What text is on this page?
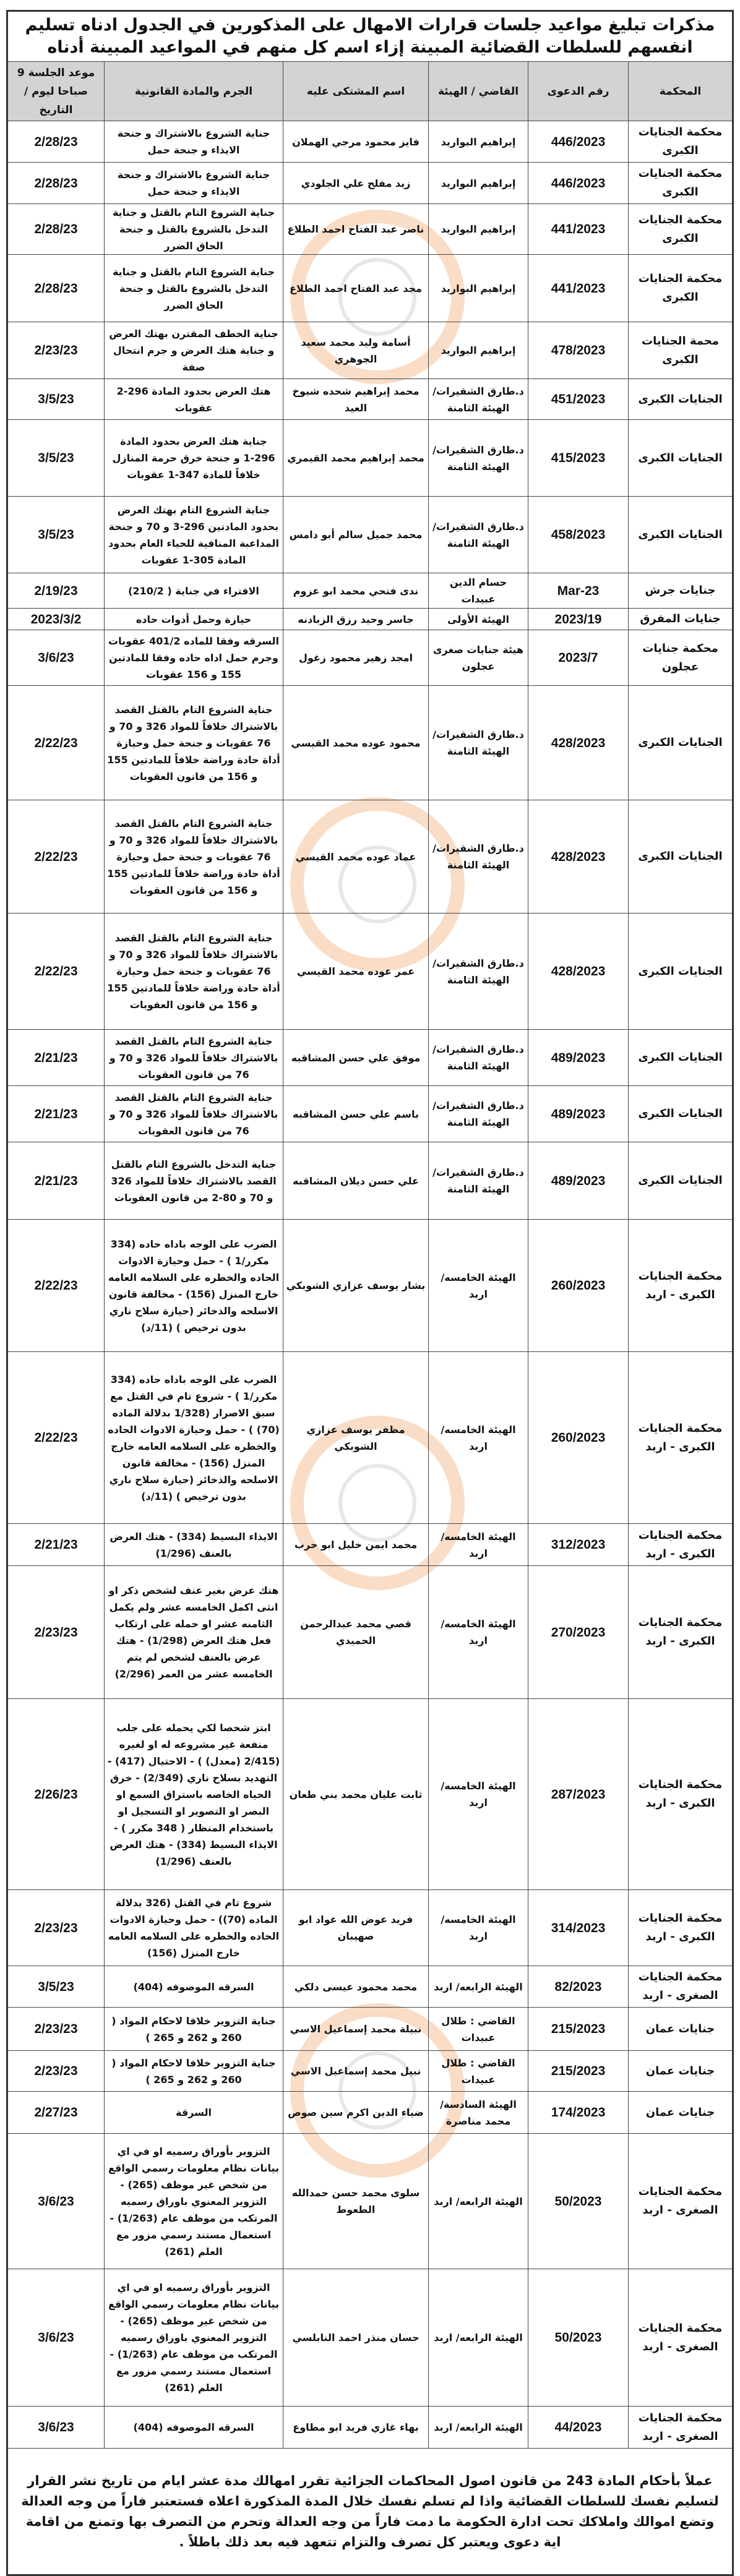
مذكرات تبليغ مواعيد جلسات قرارات الامهال على المذكورين في الجدول ادناه تسليم انفسهم للسلطات القضائية المبينة إزاء اسم كل منهم في المواعيد المبينة أدناه					
المحكمة	رقم الدعوى	القاضي / الهيئة	اسم المشتكى عليه	الجرم والمادة القانونية	موعد الجلسة 9 صباحا ليوم / التاريخ
محكمة الجنايات الكبرى	446/2023	إبراهيم البواريد	فايز محمود مرجي الهملان	جناية الشروع بالاشتراك و جنحة الايذاء و جنحة حمل	2/28/23
محكمة الجنايات الكبرى	446/2023	إبراهيم البواريد	زيد مفلح علي الجلودي	جناية الشروع بالاشتراك و جنحة الايذاء و جنحة حمل	2/28/23
محكمة الجنايات الكبرى	441/2023	إبراهيم البواريد	ناصر عبد الفتاح احمد الطلاع	جناية الشروع التام بالقتل و جناية التدخل بالشروع بالقتل و جنحة الحاق الضرر	2/28/23
محكمة الجنايات الكبرى	441/2023	إبراهيم البواريد	مجد عبد الفتاح احمد الطلاع	جناية الشروع التام بالقتل و جناية التدخل بالشروع بالقتل و جنحة الحاق الضرر	2/28/23
محمة الجنايات الكبرى	478/2023	إبراهيم البواريد	أسامة وليد محمد سعيد الجوهري	جناية الخطف المقترن بهتك العرض و جناية هتك العرض و جرم انتحال صفة	2/23/23
الجنايات الكبرى	451/2023	د.طارق الشقيرات/الهيئة الثامنة	محمد إبراهيم شحده شيوخ العيد	هتك العرض بحدود المادة 296-2 عقوبات	3/5/23
الجنايات الكبرى	415/2023	د.طارق الشقيرات/الهيئة الثامنة	محمد إبراهيم محمد القيمري	جناية هتك العرض بحدود المادة 296-1 و جنحة خرق حرمة المنازل خلافاً للمادة 347-1 عقوبات	3/5/23
الجنايات الكبرى	458/2023	د.طارق الشقيرات/الهيئة الثامنة	محمد جميل سالم أبو دامس	جناية الشروع التام بهتك العرض بحدود المادتين 296-3 و 70 و جنحة المداعبة المنافية للحياء العام بحدود المادة 305-1 عقوبات	3/5/23
جنايات جرش	Mar-23	حسام الدين عبيدات	ندى فتحي محمد ابو عزوم	الافتراء في جناية ( 210/2)	2/19/23
جنايات المفرق	2023/19	الهيئة الأولى	جاسر وحيد رزق الزبادنه	حيازة وحمل أدوات حاده	2023/3/2
محكمة جنايات عجلون	2023/7	هيئة جنايات صغرى عجلون	امجد زهير محمود زغول	السرقه وفقا للماده 401/2 عقوبات وجرم حمل اداه حاده وفقا للمادتين 155 و 156 عقوبات	3/6/23
الجنايات الكبرى	428/2023	د.طارق الشقيرات/الهيئة الثامنة	محمود عوده محمد القيسي	جناية الشروع التام بالقتل القصد بالاشتراك خلافاً للمواد 326 و 70 و 76 عقوبات و جنحة حمل وحيازة أداة حادة وراضة خلافاً للمادتين 155 و 156 من قانون العقوبات	2/22/23
الجنايات الكبرى	428/2023	د.طارق الشقيرات/الهيئة الثامنة	عماد عوده محمد القيسي	جناية الشروع التام بالقتل القصد بالاشتراك خلافاً للمواد 326 و 70 و 76 عقوبات و جنحة حمل وحيازة أداة حادة وراضة خلافاً للمادتين 155 و 156 من قانون العقوبات	2/22/23
الجنايات الكبرى	428/2023	د.طارق الشقيرات/الهيئة الثامنة	عمر عوده محمد القيسي	جناية الشروع التام بالقتل القصد بالاشتراك خلافاً للمواد 326 و 70 و 76 عقوبات و جنحة حمل وحيازة أداة حادة وراضة خلافاً للمادتين 155 و 156 من قانون العقوبات	2/22/23
الجنايات الكبرى	489/2023	د.طارق الشقيرات/الهيئة الثامنة	موفق علي حسن المشاقبه	جناية الشروع التام بالقتل القصد بالاشتراك خلافاً للمواد 326 و 70 و 76 من قانون العقوبات	2/21/23
الجنايات الكبرى	489/2023	د.طارق الشقيرات/الهيئة الثامنة	باسم علي حسن المشاقبه	جناية الشروع التام بالقتل القصد بالاشتراك خلافاً للمواد 326 و 70 و 76 من قانون العقوبات	2/21/23
الجنايات الكبرى	489/2023	د.طارق الشقيرات/الهيئة الثامنة	علي حسن ديلان المشاقبه	جناية التدخل بالشروع التام بالقتل القصد بالاشتراك خلافاً للمواد 326 و 70 و 80-2 من قانون العقوبات	2/21/23
محكمة الجنايات الكبرى - اربد	260/2023	الهيئة الخامسه/ اربد	بشار يوسف عزازي الشوبكي	الضرب على الوجه باداه حاده (334 مكرر/1 ) - حمل وحيازة الادوات الحاده والخطره على السلامه العامه خارج المنزل (156) - مخالفة قانون الاسلحه والذخائر (حيازة سلاح ناري بدون ترخيص ) (11/د)	2/22/23
محكمة الجنايات الكبرى - اربد	260/2023	الهيئة الخامسه/ اربد	مظفر يوسف عزازي الشوبكي	الضرب على الوجه باداه حاده (334 مكرر/1 ) - شروع تام في القتل مع سبق الاصرار (1/328 بدلالة الماده (70) ) - حمل وحيازة الادوات الحاده والخطره على السلامه العامه خارج المنزل (156) - مخالفة قانون الاسلحه والذخائر (حيازة سلاح ناري بدون ترخيص ) (11/د)	2/22/23
محكمة الجنايات الكبرى - اربد	312/2023	الهيئة الخامسه/ اربد	محمد ايمن خليل ابو حرب	الايذاء البسيط (334) - هتك العرض بالعنف (1/296)	2/21/23
محكمة الجنايات الكبرى - اربد	270/2023	الهيئة الخامسه/ اربد	قصي محمد عبدالرحمن الحميدي	هتك عرض بغير عنف لشخص ذكر او انثى اكمل الخامسه عشر ولم يكمل الثامنه عشر او حمله على ارتكاب فعل هتك العرض (1/298) - هتك عرض بالعنف لشخص لم يتم الخامسه عشر من العمر (2/296)	2/23/23
محكمة الجنايات الكبرى - اربد	287/2023	الهيئة الخامسه/ اربد	ثابت عليان محمد بني طعان	ابتز شخصا لكي يحمله على جلب منفعة غير مشروعه له او لغيره (2/415 (معدل) ) - الاحتيال (417) - التهديد بسلاح ناري (2/349) - خرق الحياه الخاصه باستراق السمع او البصر او التصوير او التسجيل او باستخدام المنظار ( 348 مكرر ) - الايذاء البسيط (334) - هتك العرض بالعنف (1/296)	2/26/23
محكمة الجنايات الكبرى - اربد	314/2023	الهيئة الخامسه/ اربد	فريد عوض الله عواد ابو صهيبان	شروع تام في القتل (326 بدلالة الماده (70)) - حمل وحيازة الادوات الحاده والخطره على السلامه العامه خارج المنزل (156)	2/23/23
محكمة الجنايات الصغرى - اربد	82/2023	الهيئة الرابعه/ اربد	محمد محمود عيسى دلكي	السرقه الموصوفه (404)	3/5/23
جنايات عمان	215/2023	القاضي : طلال عبيدات	نبيلة محمد إسماعيل الاسي	جناية التزوير خلافا لاحكام المواد ( 260 و 262 و 265 )	2/23/23
جنايات عمان	215/2023	القاضي : طلال عبيدات	نبيل محمد إسماعيل الاسي	جناية التزوير خلافا لاحكام المواد ( 260 و 262 و 265 )	2/23/23
جنايات عمان	174/2023	الهيئة السادسة/محمد مناصرة	ضياء الدين اكرم سين صوص	السرقة	2/27/23
محكمة الجنايات الصغرى - اربد	50/2023	الهيئة الرابعه/ اربد	سلوى محمد حسن حمدالله الطعوط	التزوير بأوراق رسميه او في اي بيانات نظام معلومات رسمي الواقع من شخص غير موظف (265) - التزوير المعنوي باوراق رسميه المرتكب من موظف عام (1/263) - استعمال مستند رسمي مزور مع العلم (261)	3/6/23
محكمة الجنايات الصغرى - اربد	50/2023	الهيئة الرابعه/ اربد	حسان منذر احمد النابلسي	التزوير بأوراق رسميه او في اي بيانات نظام معلومات رسمي الواقع من شخص غير موظف (265) - التزوير المعنوي باوراق رسميه المرتكب من موظف عام (1/263) - استعمال مستند رسمي مزور مع العلم (261)	3/6/23
محكمة الجنايات الصغرى - اربد	44/2023	الهيئة الرابعه/ اربد	بهاء غازي فريد ابو مطاوع	السرقه الموصوفه (404)	3/6/23
عملاً بأحكام المادة 243 من قانون اصول المحاكمات الجزائية تقرر امهالك مدة عشر ايام من تاريخ نشر القرار لتسليم نفسك للسلطات القضائية واذا لم تسلم نفسك خلال المدة المذكورة اعلاه فستعتبر فاراً من وجه العدالة وتضع اموالك واملاكك تحت ادارة الحكومة ما دمت فاراً من وجه العدالة وتحرم من التصرف بها وتمنع من اقامة اية دعوى ويعتبر كل تصرف والتزام تتعهد فيه بعد ذلك باطلاً .					
